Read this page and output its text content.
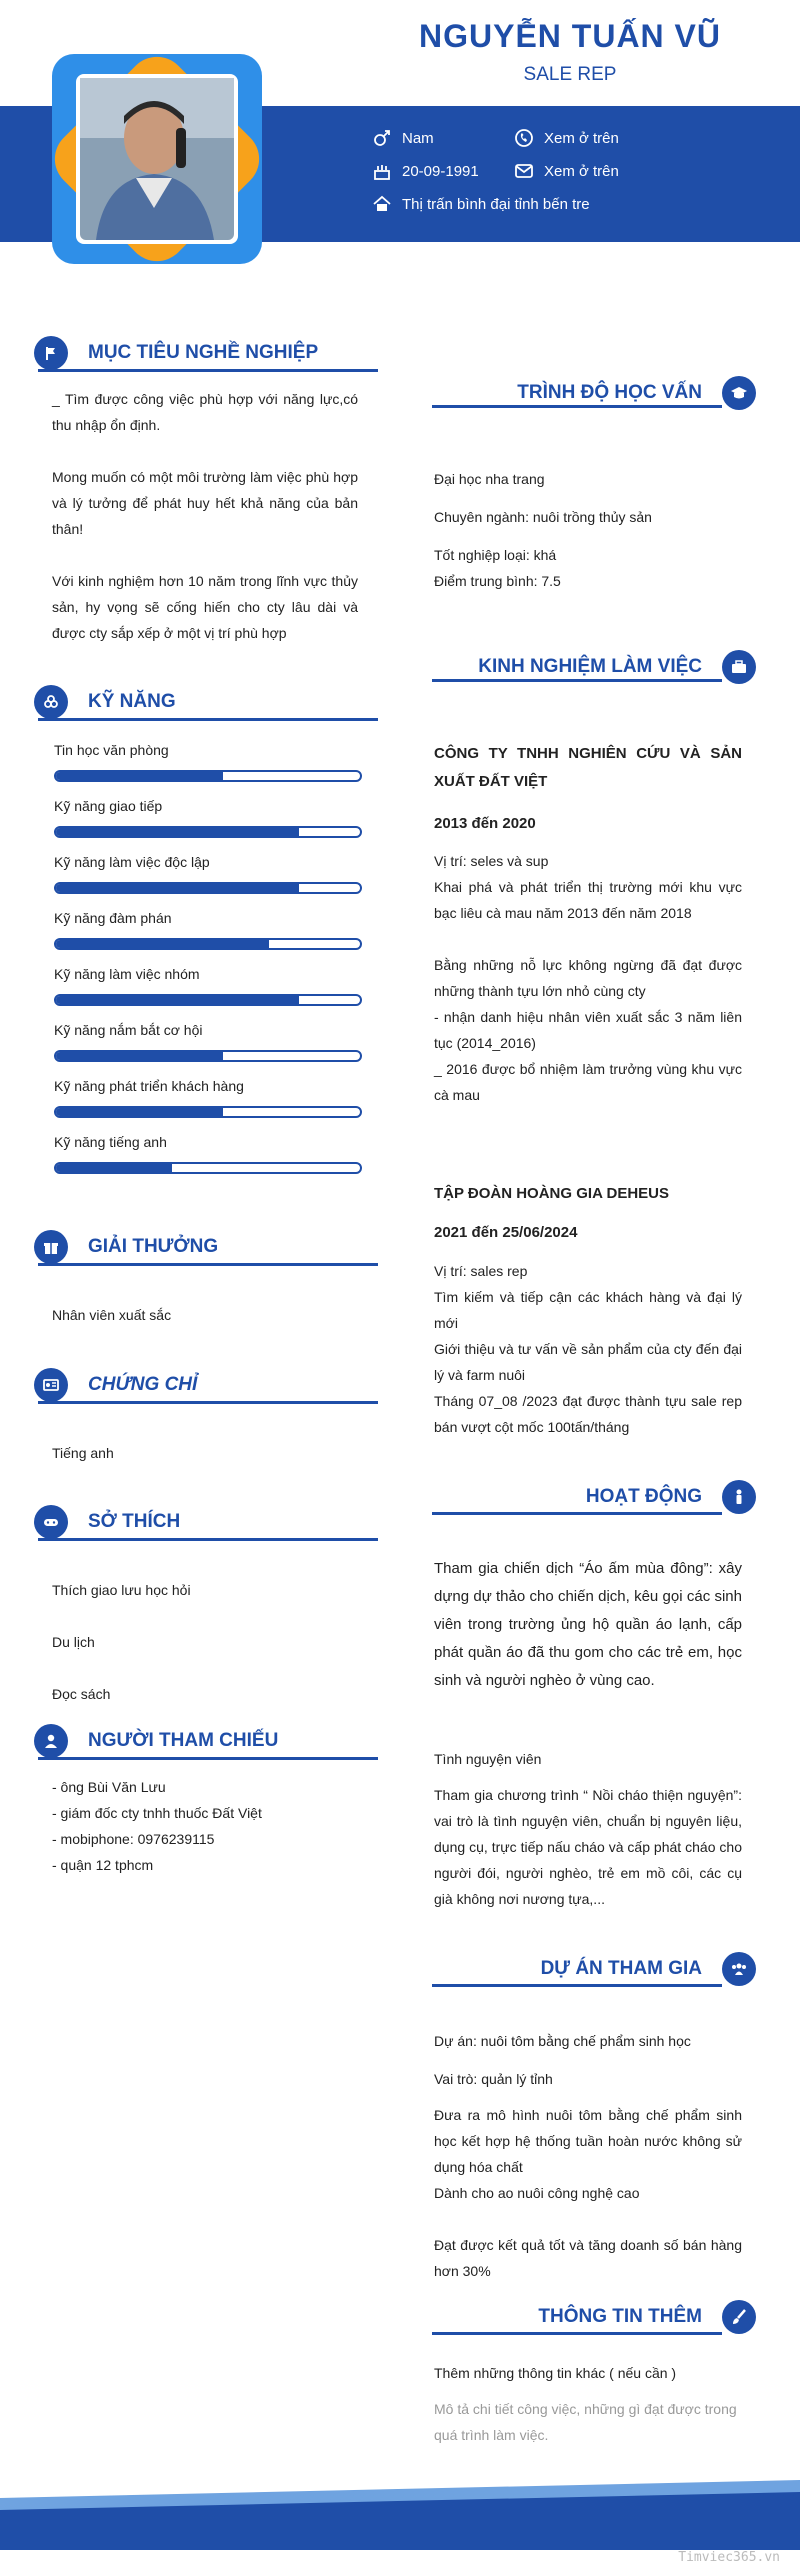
NGUYỄN TUẤN VŨ
SALE REP
Nam	Xem ở trên
20-09-1991	Xem ở trên
Thị trấn bình đại tỉnh bến tre
MỤC TIÊU NGHỀ NGHIỆP
_ Tìm được công việc phù hợp với năng lực,có thu nhập ổn định.
Mong muốn có một môi trường làm việc phù hợp và lý tưởng để phát huy hết khả năng của bản thân!
Với kinh nghiệm hơn 10 năm trong lĩnh vực thủy sản, hy vọng sẽ cống hiến cho cty lâu dài và được cty sắp xếp ở một vị trí phù hợp
KỸ NĂNG
Tin học văn phòng
Kỹ năng giao tiếp
Kỹ năng làm việc độc lập
Kỹ năng đàm phán
Kỹ năng làm việc nhóm
Kỹ năng nắm bắt cơ hội
Kỹ năng phát triển khách hàng
Kỹ năng tiếng anh
GIẢI THƯỞNG
Nhân viên xuất sắc
CHỨNG CHỈ
Tiếng anh
SỞ THÍCH
Thích giao lưu học hỏi
Du lịch
Đọc sách
NGƯỜI THAM CHIẾU
- ông Bùi Văn Lưu
- giám đốc cty tnhh thuốc Đất Việt
- mobiphone: 0976239115
- quận 12 tphcm
TRÌNH ĐỘ HỌC VẤN
Đại học nha trang
Chuyên ngành: nuôi trồng thủy sản
Tốt nghiệp loại: khá
Điểm trung bình: 7.5
KINH NGHIỆM LÀM VIỆC
CÔNG TY TNHH NGHIÊN CỨU VÀ SẢN XUẤT ĐẤT VIỆT
2013 đến 2020
Vị trí: seles và sup
Khai phá và phát triển thị trường mới khu vực bạc liêu cà mau năm 2013 đến năm 2018
Bằng những nỗ lực không ngừng đã đạt được những thành tựu lớn nhỏ cùng cty
- nhận danh hiệu nhân viên xuất sắc 3 năm liên tục (2014_2016)
_ 2016 được bổ nhiệm làm trưởng vùng khu vực cà mau
TẬP ĐOÀN HOÀNG GIA DEHEUS
2021 đến 25/06/2024
Vị trí: sales rep
Tìm kiếm và tiếp cận các khách hàng và đại lý mới
Giới thiệu và tư vấn về sản phẩm của cty đến đại lý và farm nuôi
Tháng 07_08 /2023 đạt được thành tựu sale rep bán vượt cột mốc 100tấn/tháng
HOẠT ĐỘNG
Tham gia chiến dịch “Áo ấm mùa đông”: xây dựng dự thảo cho chiến dịch, kêu gọi các sinh viên trong trường ủng hộ quần áo lạnh, cấp phát quần áo đã thu gom cho các trẻ em, học sinh và người nghèo ở vùng cao.
Tình nguyện viên
Tham gia chương trình “ Nồi cháo thiện nguyện”: vai trò là tình nguyện viên, chuẩn bị nguyên liệu, dụng cụ, trực tiếp nấu cháo và cấp phát cháo cho người đói, người nghèo, trẻ em mồ côi, các cụ già không nơi nương tựa,...
DỰ ÁN THAM GIA
Dự án: nuôi tôm bằng chế phẩm sinh học
Vai trò: quản lý tỉnh
Đưa ra mô hình nuôi tôm bằng chế phẩm sinh học kết hợp hệ thống tuần hoàn nước không sử dụng hóa chất
Dành cho ao nuôi công nghệ cao
Đạt được kết quả tốt và tăng doanh số bán hàng hơn 30%
THÔNG TIN THÊM
Thêm những thông tin khác ( nếu cần )
Mô tả chi tiết công việc, những gì đạt được trong quá trình làm việc.
Timviec365.vn
